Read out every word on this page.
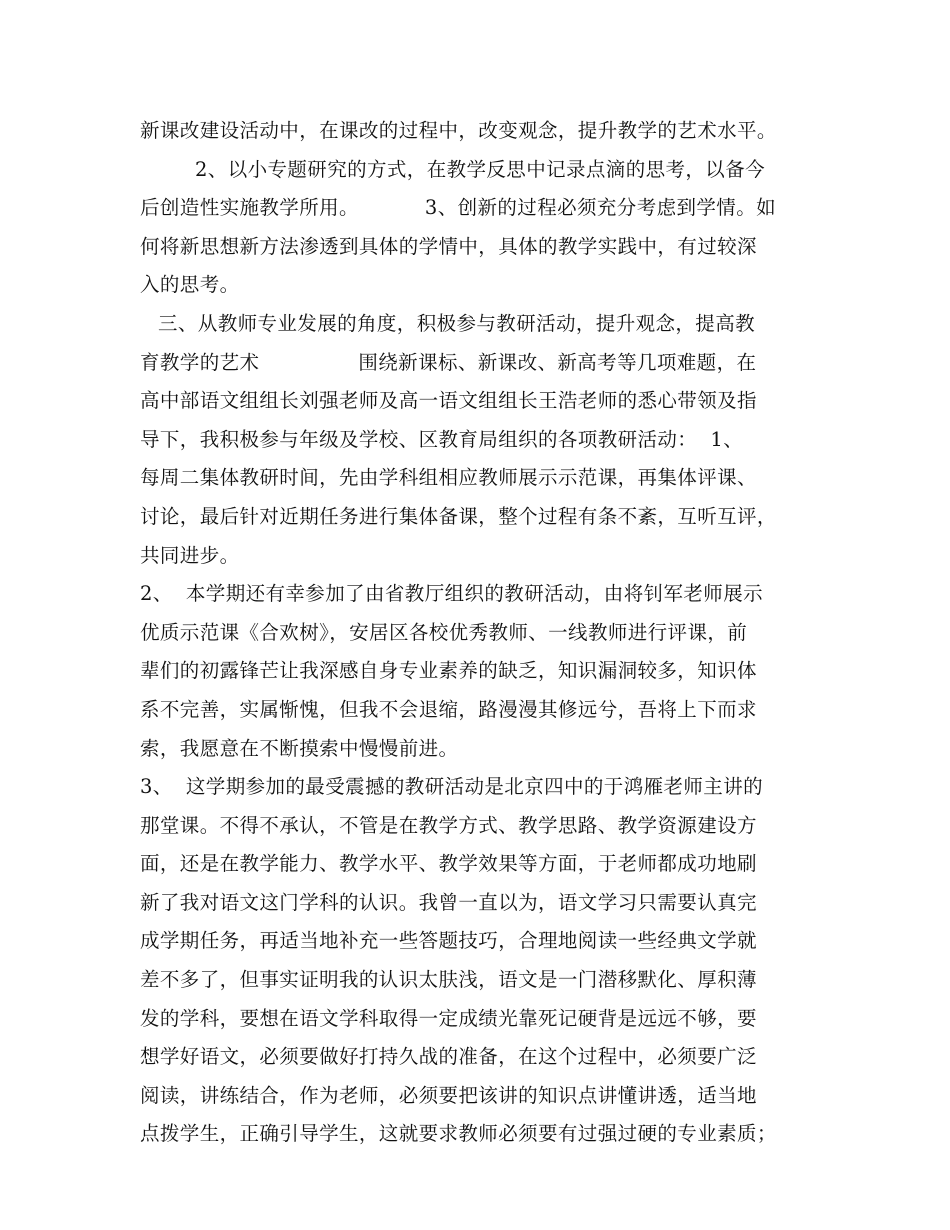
新课改建设活动中，在课改的过程中，改变观念，提升教学的艺术水平。
2、以小专题研究的方式，在教学反思中记录点滴的思考，以备今
后创造性实施教学所用。          3、创新的过程必须充分考虑到学情。如
何将新思想新方法渗透到具体的学情中，具体的教学实践中，有过较深
入的思考。
三、从教师专业发展的角度，积极参与教研活动，提升观念，提高教
育教学的艺术               围绕新课标、新课改、新高考等几项难题，在
高中部语文组组长刘强老师及高一语文组组长王浩老师的悉心带领及指
导下，我积极参与年级及学校、区教育局组织的各项教研活动：  1、
每周二集体教研时间，先由学科组相应教师展示示范课，再集体评课、
讨论，最后针对近期任务进行集体备课，整个过程有条不紊，互听互评，
共同进步。
2、  本学期还有幸参加了由省教厅组织的教研活动，由将钊军老师展示
优质示范课《合欢树》，安居区各校优秀教师、一线教师进行评课，前
辈们的初露锋芒让我深感自身专业素养的缺乏，知识漏洞较多，知识体
系不完善，实属惭愧，但我不会退缩，路漫漫其修远兮，吾将上下而求
索，我愿意在不断摸索中慢慢前进。
3、  这学期参加的最受震撼的教研活动是北京四中的于鸿雁老师主讲的
那堂课。不得不承认，不管是在教学方式、教学思路、教学资源建设方
面，还是在教学能力、教学水平、教学效果等方面，于老师都成功地刷
新了我对语文这门学科的认识。我曾一直以为，语文学习只需要认真完
成学期任务，再适当地补充一些答题技巧，合理地阅读一些经典文学就
差不多了，但事实证明我的认识太肤浅，语文是一门潜移默化、厚积薄
发的学科，要想在语文学科取得一定成绩光靠死记硬背是远远不够，要
想学好语文，必须要做好打持久战的准备，在这个过程中，必须要广泛
阅读，讲练结合，作为老师，必须要把该讲的知识点讲懂讲透，适当地
点拨学生，正确引导学生，这就要求教师必须要有过强过硬的专业素质；
